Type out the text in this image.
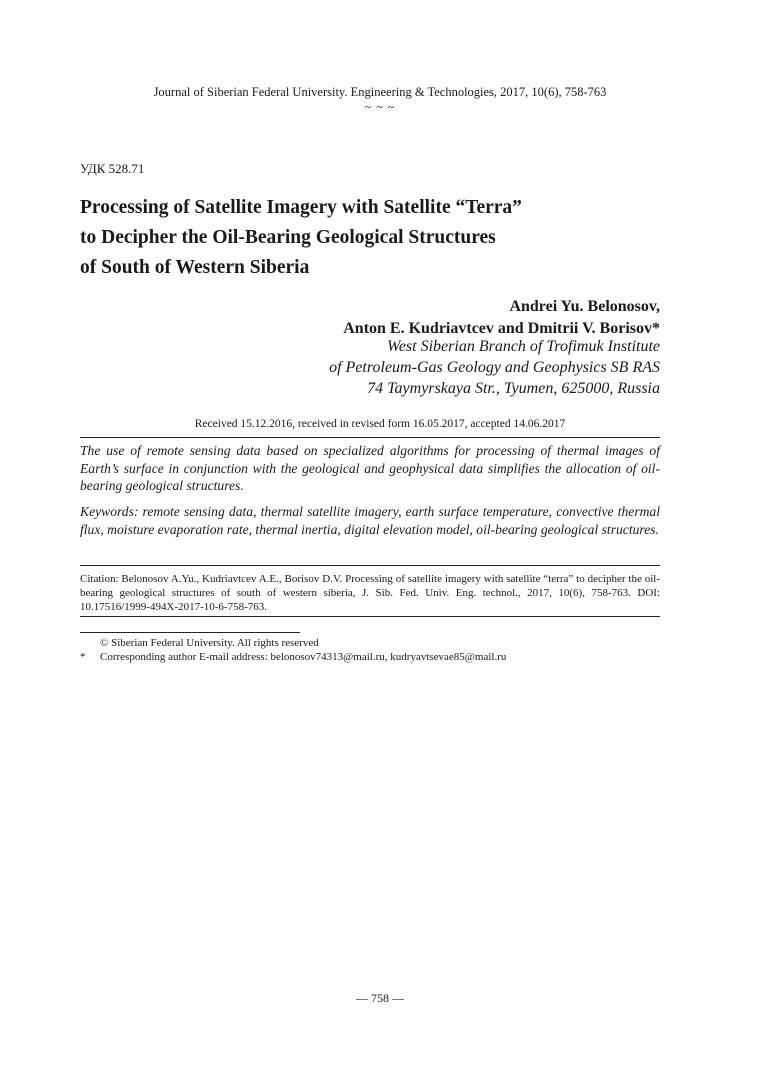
Journal of Siberian Federal University. Engineering & Technologies, 2017, 10(6), 758-763
~ ~ ~
УДК 528.71
Processing of Satellite Imagery with Satellite “Terra”
to Decipher the Oil-Bearing Geological Structures
of South of Western Siberia
Andrei Yu. Belonosov,
Anton E. Kudriavtcev and Dmitrii V. Borisov*
West Siberian Branch of Trofimuk Institute
of Petroleum-Gas Geology and Geophysics SB RAS
74 Taymyrskaya Str., Tyumen, 625000, Russia
Received 15.12.2016, received in revised form 16.05.2017, accepted 14.06.2017
The use of remote sensing data based on specialized algorithms for processing of thermal images of Earth’s surface in conjunction with the geological and geophysical data simplifies the allocation of oil-bearing geological structures.
Keywords: remote sensing data, thermal satellite imagery, earth surface temperature, convective thermal flux, moisture evaporation rate, thermal inertia, digital elevation model, oil-bearing geological structures.
Citation: Belonosov A.Yu., Kudriavtcev A.E., Borisov D.V. Processing of satellite imagery with satellite “terra” to decipher the oil-bearing geological structures of south of western siberia, J. Sib. Fed. Univ. Eng. technol., 2017, 10(6), 758-763. DOI: 10.17516/1999-494X-2017-10-6-758-763.
© Siberian Federal University. All rights reserved
* Corresponding author E-mail address: belonosov74313@mail.ru, kudryavtsevae85@mail.ru
— 758 —
